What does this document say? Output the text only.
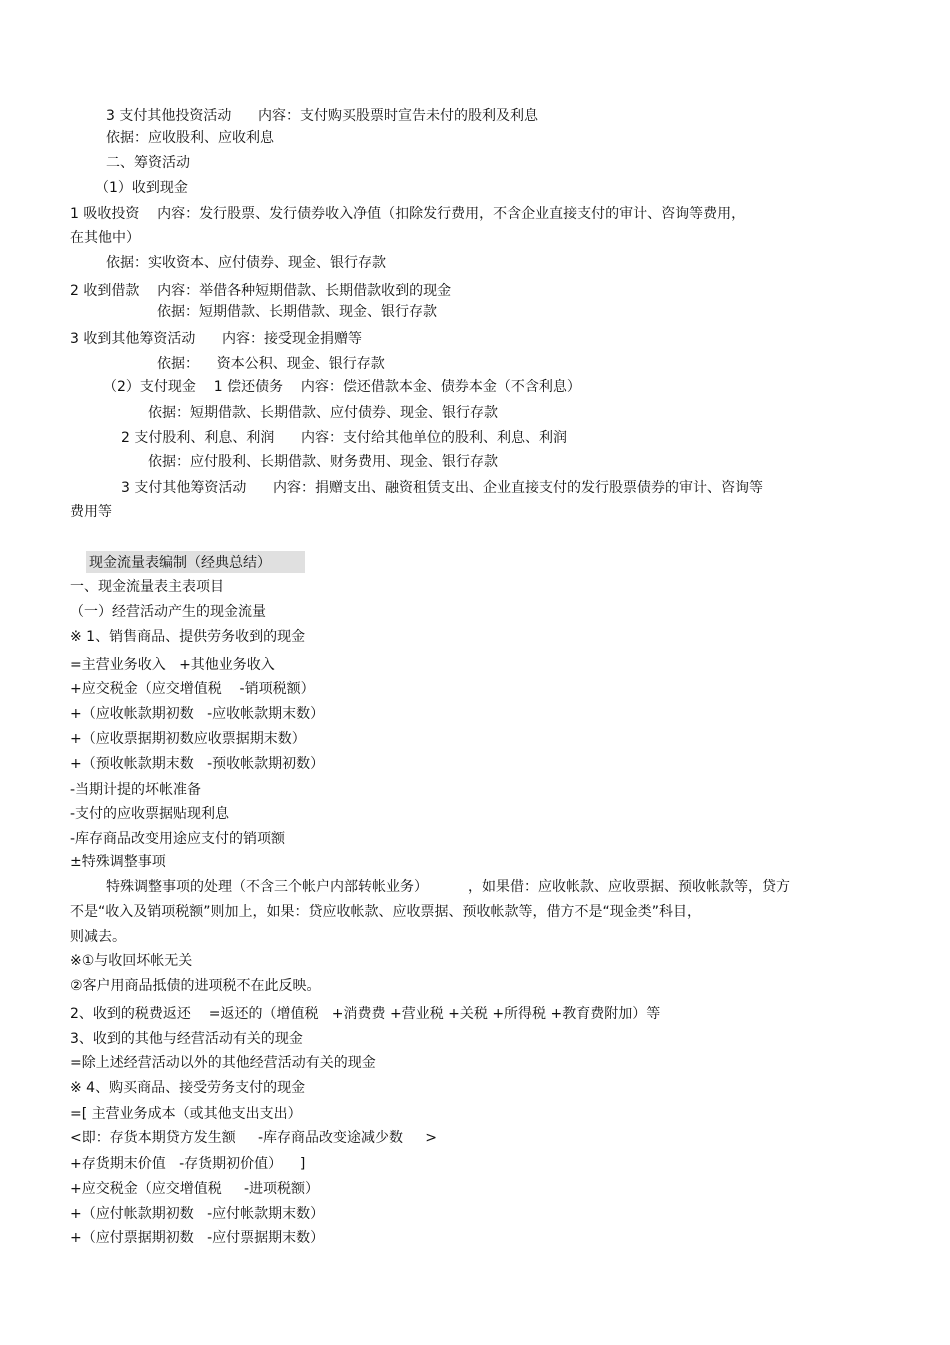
3 支付其他投资活动      内容：支付购买股票时宣告未付的股利及利息
依据：应收股利、应收利息
二、筹资活动
（1）收到现金
1 吸收投资    内容：发行股票、发行债券收入净值（扣除发行费用，不含企业直接支付的审计、咨询等费用，
在其他中）
依据：实收资本、应付债券、现金、银行存款
2 收到借款    内容：举借各种短期借款、长期借款收到的现金
依据：短期借款、长期借款、现金、银行存款
3 收到其他筹资活动      内容：接受现金捐赠等
依据：    资本公积、现金、银行存款
（2）支付现金    1 偿还债务    内容：偿还借款本金、债券本金（不含利息）
依据：短期借款、长期借款、应付债券、现金、银行存款
2 支付股利、利息、利润      内容：支付给其他单位的股利、利息、利润
依据：应付股利、长期借款、财务费用、现金、银行存款
3 支付其他筹资活动      内容：捐赠支出、融资租赁支出、企业直接支付的发行股票债券的审计、咨询等
费用等
现金流量表编制（经典总结）
一、现金流量表主表项目
（一）经营活动产生的现金流量
※ 1、销售商品、提供劳务收到的现金
=主营业务收入   +其他业务收入
+应交税金（应交增值税    -销项税额）
+（应收帐款期初数   -应收帐款期末数）
+（应收票据期初数应收票据期末数）
+（预收帐款期末数   -预收帐款期初数）
-当期计提的坏帐准备
-支付的应收票据贴现利息
-库存商品改变用途应支付的销项额
±特殊调整事项
特殊调整事项的处理（不含三个帐户内部转帐业务）         ，如果借：应收帐款、应收票据、预收帐款等，贷方
不是“收入及销项税额”则加上，如果：贷应收帐款、应收票据、预收帐款等，借方不是“现金类”科目，
则减去。
※①与收回坏帐无关
②客户用商品抵债的进项税不在此反映。
2、收到的税费返还    =返还的（增值税   +消费费 +营业税 +关税 +所得税 +教育费附加）等
3、收到的其他与经营活动有关的现金
=除上述经营活动以外的其他经营活动有关的现金
※ 4、购买商品、接受劳务支付的现金
=[ 主营业务成本（或其他支出支出）
<即：存货本期贷方发生额     -库存商品改变途减少数     >
+存货期末价值   -存货期初价值）    ]
+应交税金（应交增值税     -进项税额）
+（应付帐款期初数   -应付帐款期末数）
+（应付票据期初数   -应付票据期末数）
